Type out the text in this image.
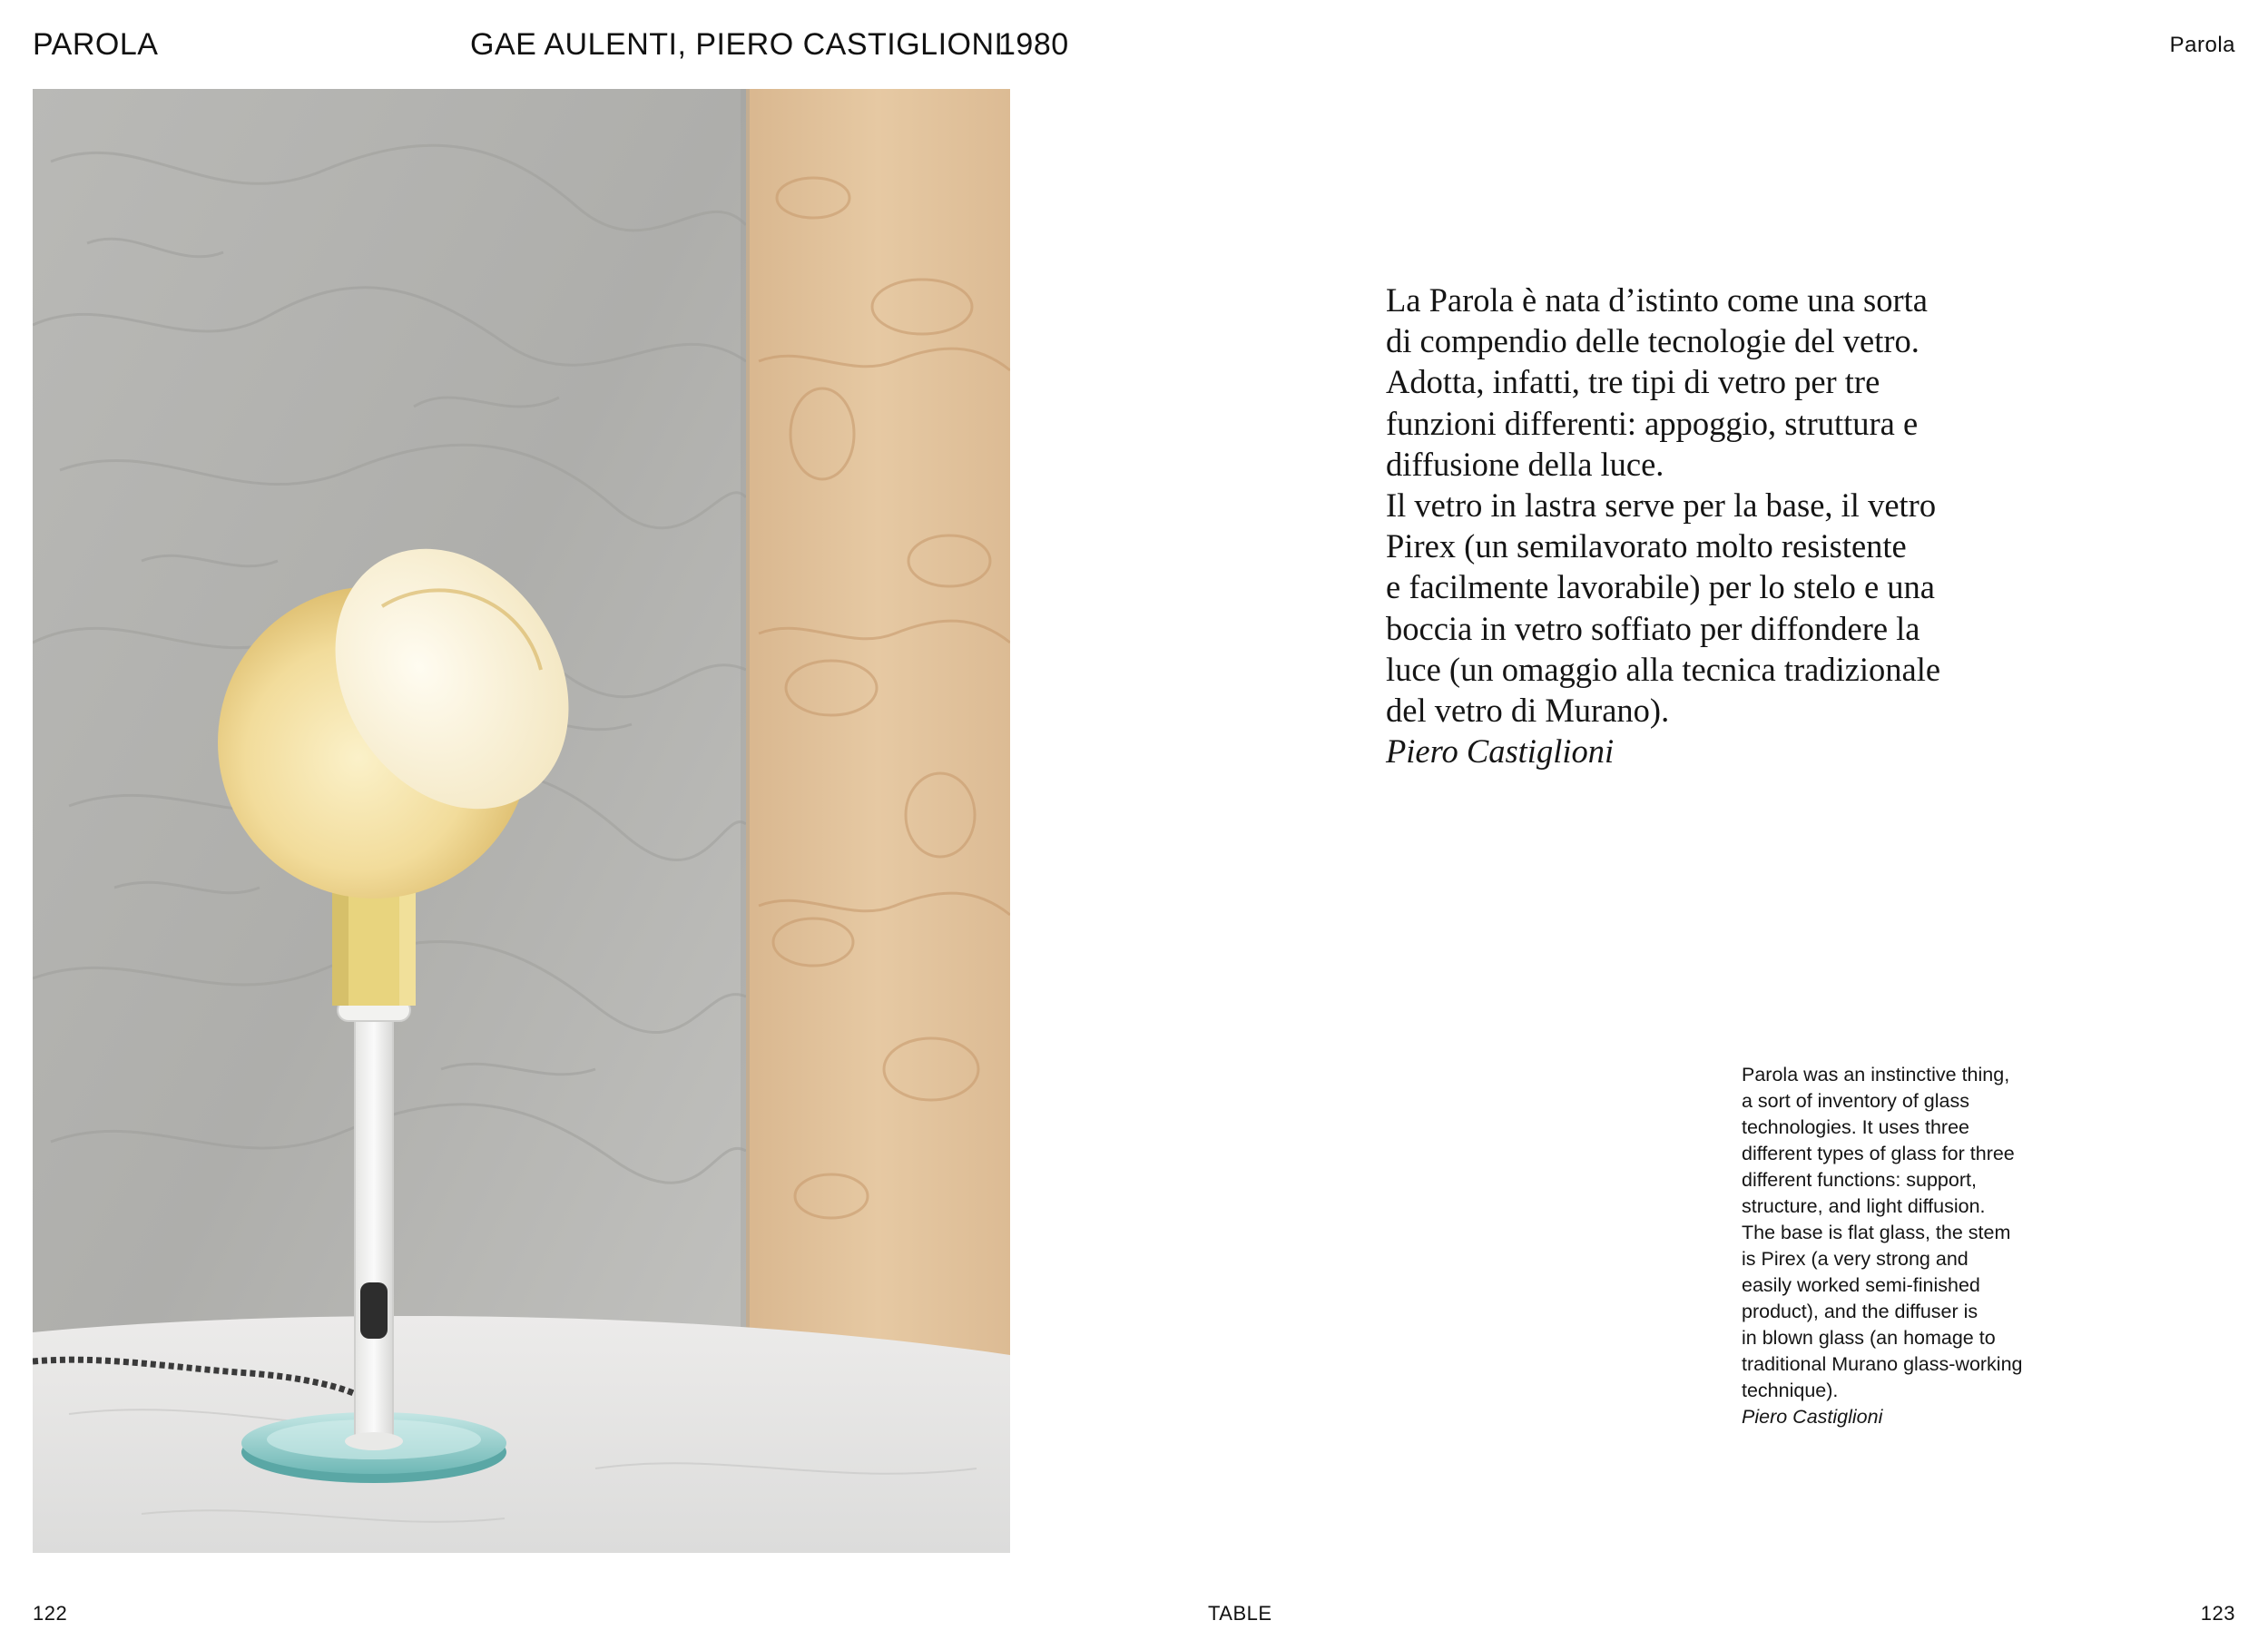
PAROLA	GAE AULENTI, PIERO CASTIGLIONI
1980	Parola

La Parola è nata d’istinto come una sorta

di compendio delle tecnologie del vetro.

Adotta, infatti, tre tipi di vetro per tre

funzioni differenti: appoggio, struttura e

diffusione della luce.

Il vetro in lastra serve per la base, il vetro

Pirex (un semilavorato molto resistente

e facilmente lavorabile) per lo stelo e una

boccia in vetro soffiato per diffondere la

luce (un omaggio alla tecnica tradizionale

del vetro di Murano).

Piero Castiglioni

Parola was an instinctive thing,

a sort of inventory of glass

technologies. It uses three

different types of glass for three

different functions: support,

structure, and light diffusion.

The base is flat glass, the stem

is Pirex (a very strong and

easily worked semi-finished

product), and the diffuser is

in blown glass (an homage to

traditional Murano glass-working

technique).

Piero Castiglioni

122	TABLE	123
